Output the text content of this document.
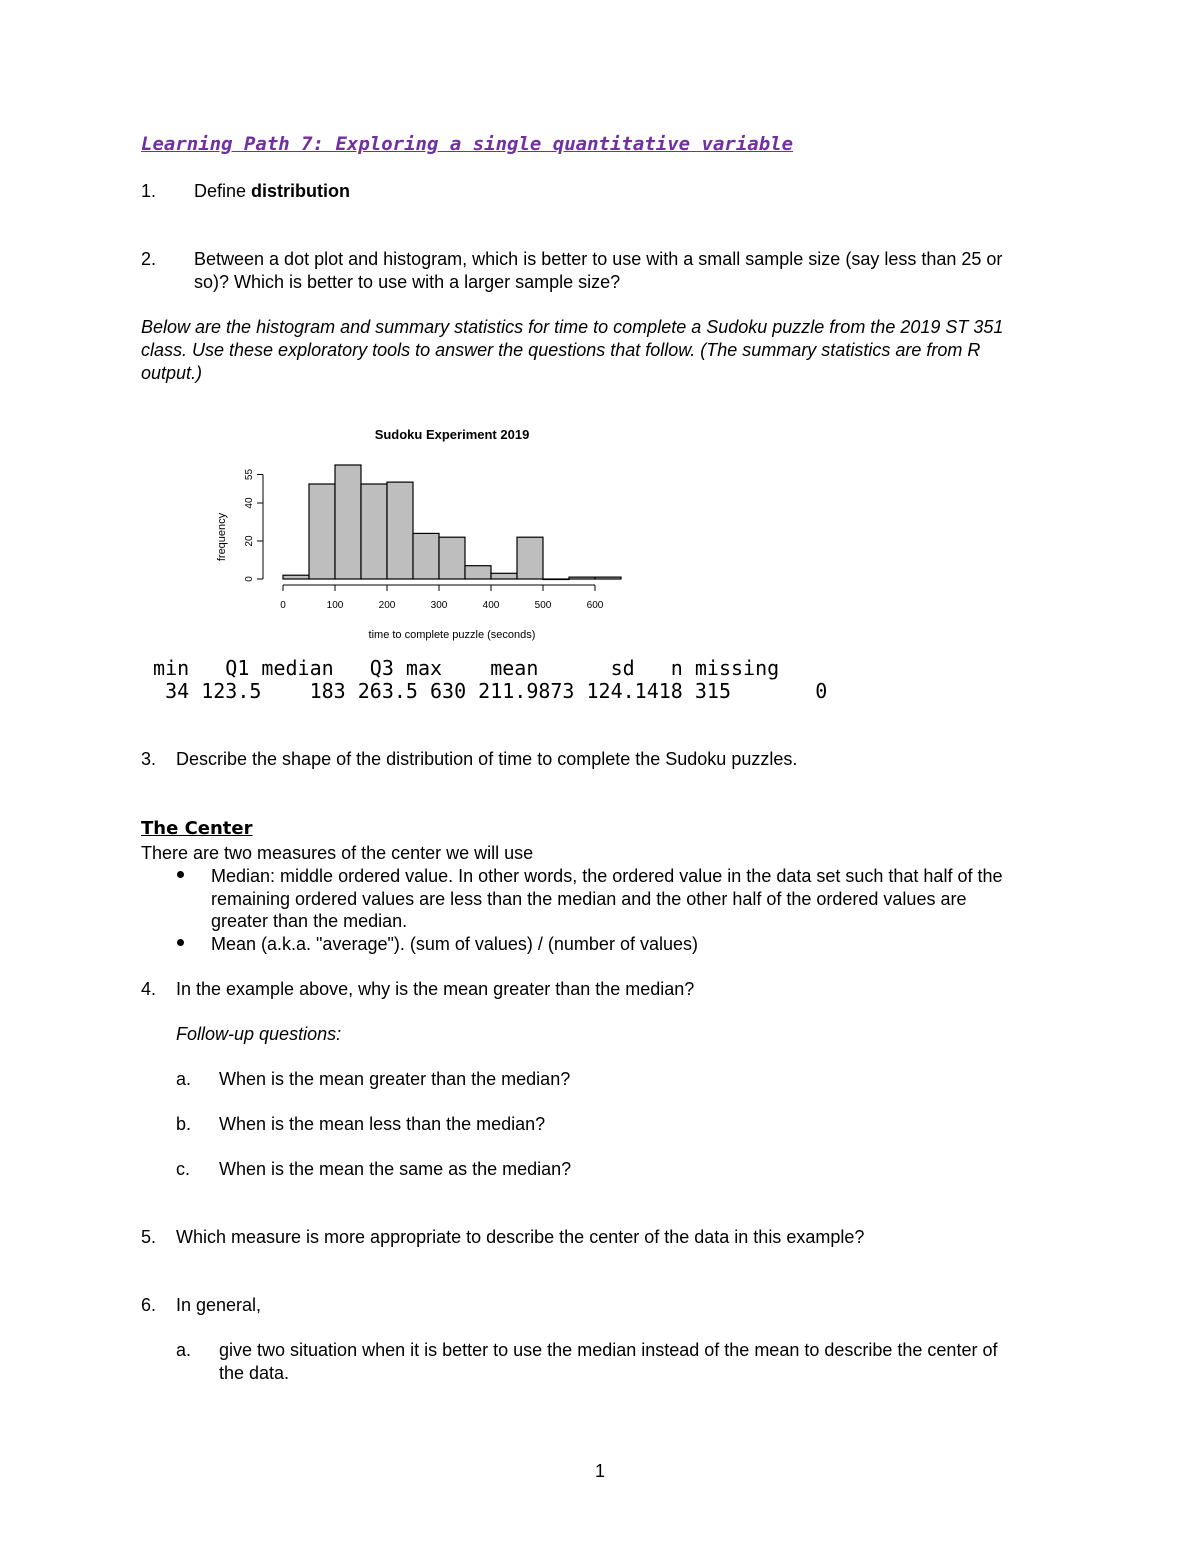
Learning Path 7: Exploring a single quantitative variable

1. Define distribution

2. Between a dot plot and histogram, which is better to use with a small sample size (say less than 25 or

so)? Which is better to use with a larger sample size?

Below are the histogram and summary statistics for time to complete a Sudoku puzzle from the 2019 ST 351

class. Use these exploratory tools to answer the questions that follow. (The summary statistics are from R

output.)

Sudoku Experiment 2019
frequency
time to complete puzzle (seconds)
0
20
40
55
0	100	200	300	400	500	600

min   Q1 median   Q3 max    mean      sd   n missing

34 123.5    183 263.5 630 211.9873 124.1418 315       0

3. Describe the shape of the distribution of time to complete the Sudoku puzzles.

The Center

There are two measures of the center we will use

Median: middle ordered value. In other words, the ordered value in the data set such that half of the

remaining ordered values are less than the median and the other half of the ordered values are

greater than the median.

Mean (a.k.a. "average"). (sum of values) / (number of values)

4. In the example above, why is the mean greater than the median?

Follow-up questions:

a. When is the mean greater than the median?

b. When is the mean less than the median?

c. When is the mean the same as the median?

5. Which measure is more appropriate to describe the center of the data in this example?

6. In general,

a. give two situation when it is better to use the median instead of the mean to describe the center of

the data.

1
